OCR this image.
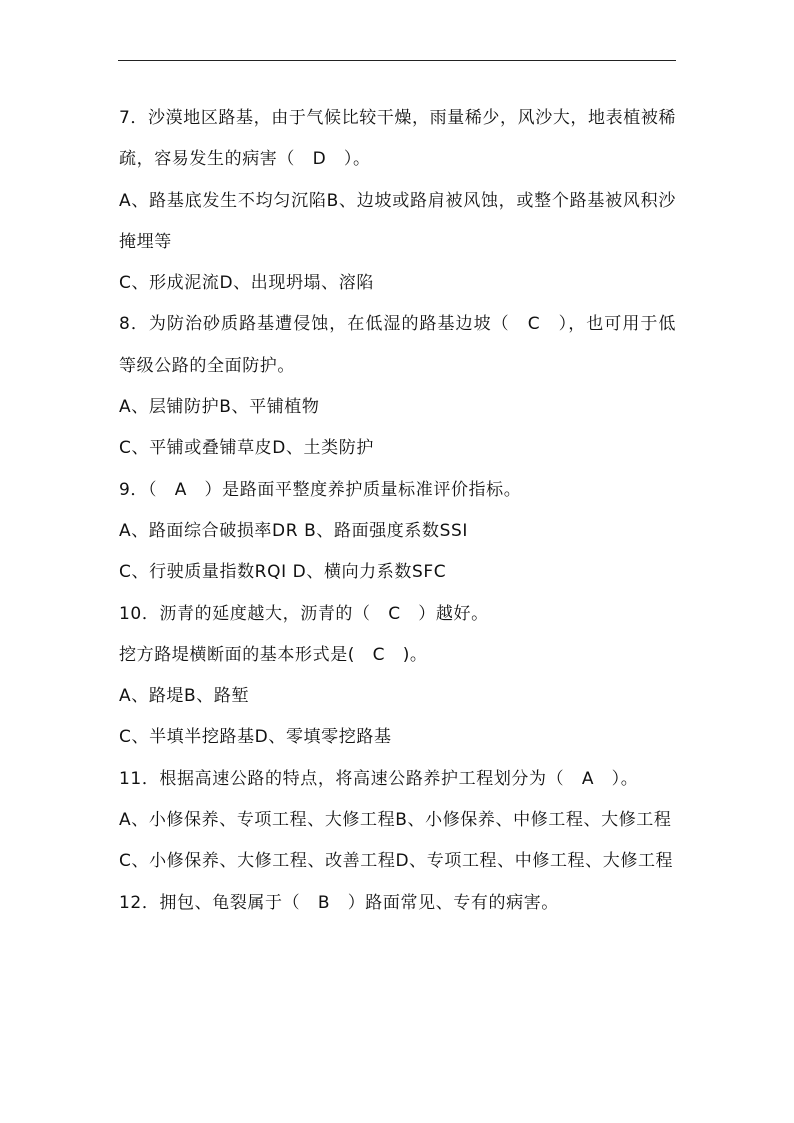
7．沙漠地区路基，由于气候比较干燥，雨量稀少，风沙大，地表植被稀疏，容易发生的病害（　D　）。

A、路基底发生不均匀沉陷B、边坡或路肩被风蚀，或整个路基被风积沙掩埋等

C、形成泥流D、出现坍塌、溶陷

8．为防治砂质路基遭侵蚀，在低湿的路基边坡（　C　），也可用于低等级公路的全面防护。

A、层铺防护B、平铺植物

C、平铺或叠铺草皮D、土类防护

9．（　A　）是路面平整度养护质量标准评价指标。

A、路面综合破损率DR B、路面强度系数SSI

C、行驶质量指数RQI D、横向力系数SFC

10．沥青的延度越大，沥青的（　C　）越好。

挖方路堤横断面的基本形式是(　C　)。

A、路堤B、路堑

C、半填半挖路基D、零填零挖路基

11．根据高速公路的特点，将高速公路养护工程划分为（　A　）。

A、小修保养、专项工程、大修工程B、小修保养、中修工程、大修工程

C、小修保养、大修工程、改善工程D、专项工程、中修工程、大修工程

12．拥包、龟裂属于（　B　）路面常见、专有的病害。
